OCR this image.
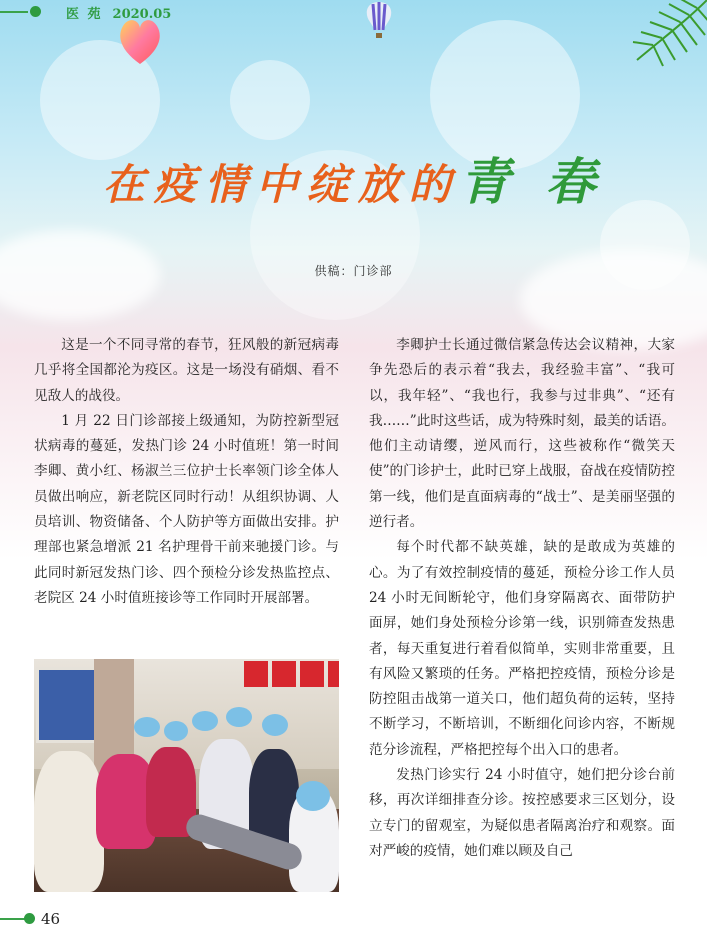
医 苑 2020.05
在疫情中绽放的青 春
供稿：门诊部

这是一个不同寻常的春节，狂风般的新冠病毒几乎将全国都沦为疫区。这是一场没有硝烟、看不见敌人的战役。

1 月 22 日门诊部接上级通知，为防控新型冠状病毒的蔓延，发热门诊 24 小时值班！第一时间李卿、黄小红、杨淑兰三位护士长率领门诊全体人员做出响应，新老院区同时行动！从组织协调、人员培训、物资储备、个人防护等方面做出安排。护理部也紧急增派 21 名护理骨干前来驰援门诊。与此同时新冠发热门诊、四个预检分诊发热监控点、老院区 24 小时值班接诊等工作同时开展部署。

李卿护士长通过微信紧急传达会议精神，大家争先恐后的表示着“我去，我经验丰富”、“我可以，我年轻”、“我也行，我参与过非典”、“还有我……”此时这些话，成为特殊时刻，最美的话语。他们主动请缨，逆风而行，这些被称作“微笑天使”的门诊护士，此时已穿上战服，奋战在疫情防控第一线，他们是直面病毒的“战士”、是美丽坚强的逆行者。

每个时代都不缺英雄，缺的是敢成为英雄的心。为了有效控制疫情的蔓延，预检分诊工作人员 24 小时无间断轮守，他们身穿隔离衣、面带防护面屏，她们身处预检分诊第一线，识别筛查发热患者，每天重复进行着看似简单，实则非常重要，且有风险又繁琐的任务。严格把控疫情，预检分诊是防控阻击战第一道关口，他们超负荷的运转，坚持不断学习，不断培训，不断细化问诊内容，不断规范分诊流程，严格把控每个出入口的患者。

发热门诊实行 24 小时值守，她们把分诊台前移，再次详细排查分诊。按控感要求三区划分，设立专门的留观室，为疑似患者隔离治疗和观察。面对严峻的疫情，她们难以顾及自己

46
